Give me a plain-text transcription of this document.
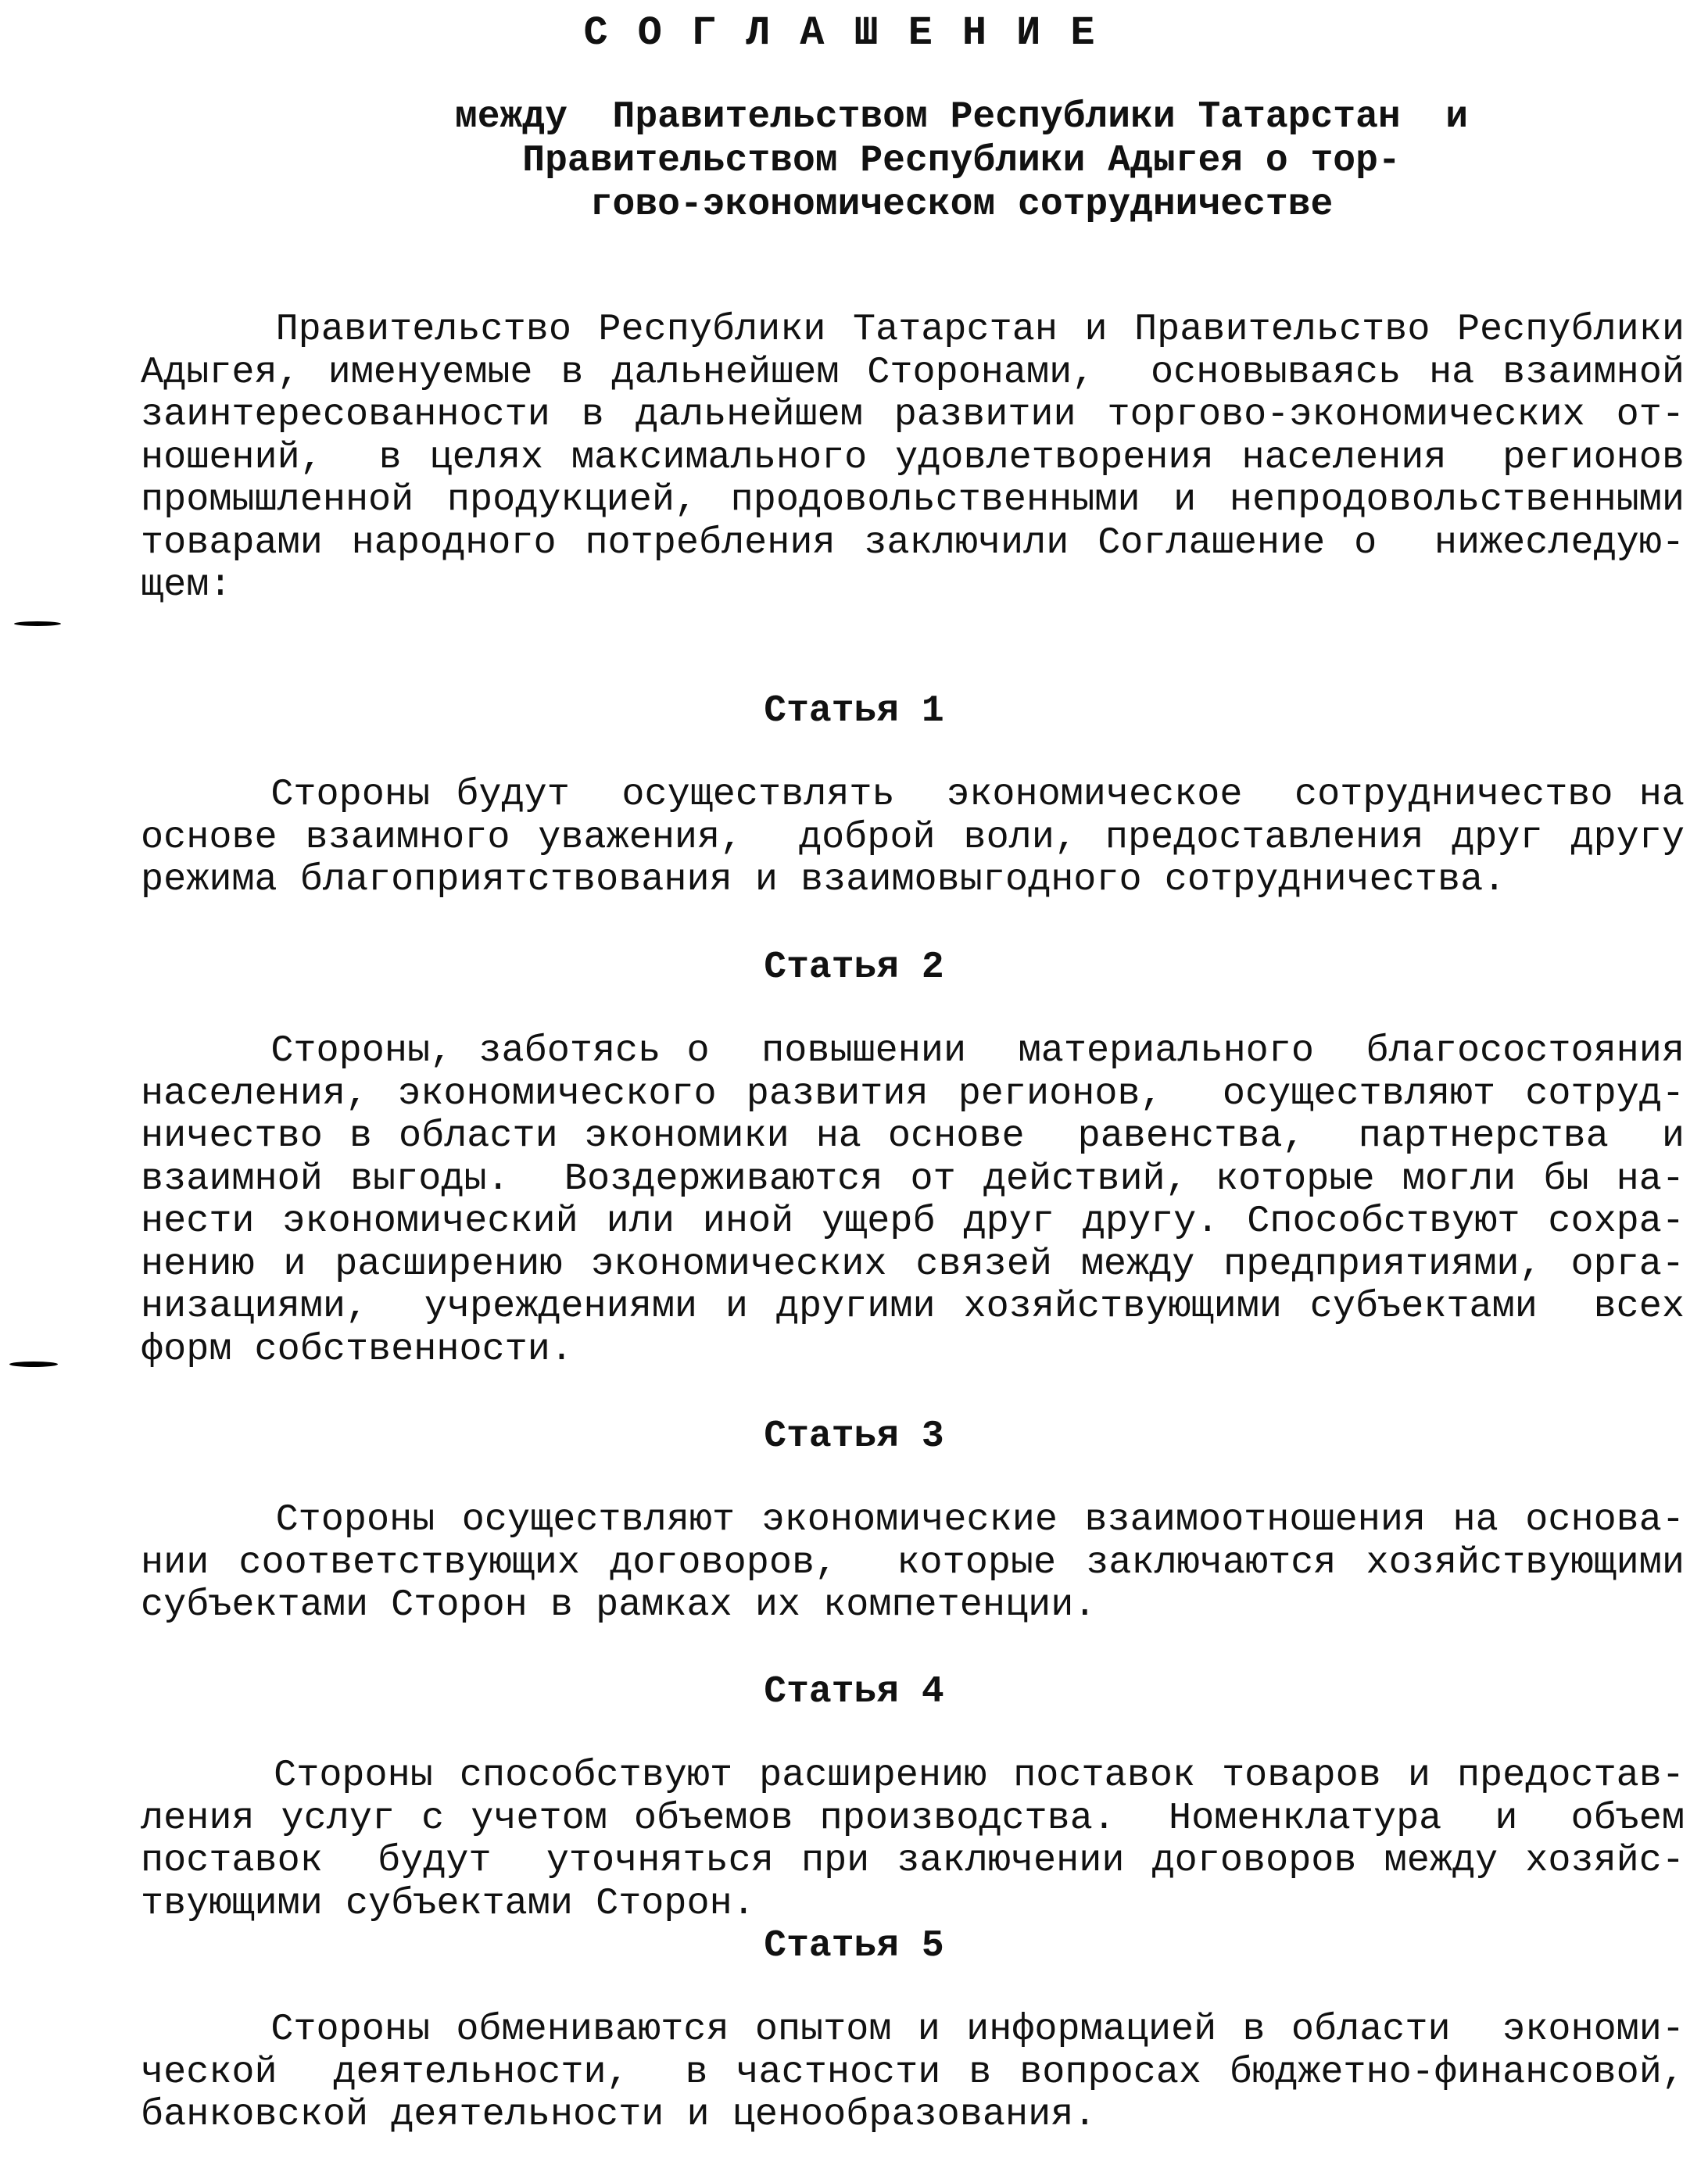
СОГЛАШЕНИЕ
между  Правительством Республики Татарстан  и
Правительством Республики Адыгея о тор-
гово-экономическом сотрудничестве
Правительство Республики Татарстан и Правительство Республики
Адыгея, именуемые в дальнейшем Сторонами,  основываясь на взаимной
заинтересованности в дальнейшем развитии торгово-экономических от-
ношений,  в целях максимального удовлетворения населения  регионов
промышленной продукцией, продовольственными и непродовольственными
товарами народного потребления заключили Соглашение о  нижеследую-
щем:
Статья 1
Стороны будут  осуществлять  экономическое  сотрудничество на
основе взаимного уважения,  доброй воли, предоставления друг другу
режима благоприятствования и взаимовыгодного сотрудничества.
Статья 2
Стороны, заботясь о  повышении  материального  благосостояния
населения, экономического развития регионов,  осуществляют сотруд-
ничество в области экономики на основе  равенства,  партнерства  и
взаимной выгоды.  Воздерживаются от действий, которые могли бы на-
нести экономический или иной ущерб друг другу. Способствуют сохра-
нению и расширению экономических связей между предприятиями, орга-
низациями,  учреждениями и другими хозяйствующими субъектами  всех
форм собственности.
Статья 3
Стороны осуществляют экономические взаимоотношения на основа-
нии соответствующих договоров,  которые заключаются хозяйствующими
субъектами Сторон в рамках их компетенции.
Статья 4
Стороны способствуют расширению поставок товаров и предостав-
ления услуг с учетом объемов производства.  Номенклатура  и  объем
поставок  будут  уточняться при заключении договоров между хозяйс-
твующими субъектами Сторон.
Статья 5
Стороны обмениваются опытом и информацией в области  экономи-
ческой  деятельности,  в частности в вопросах бюджетно-финансовой,
банковской деятельности и ценообразования.
